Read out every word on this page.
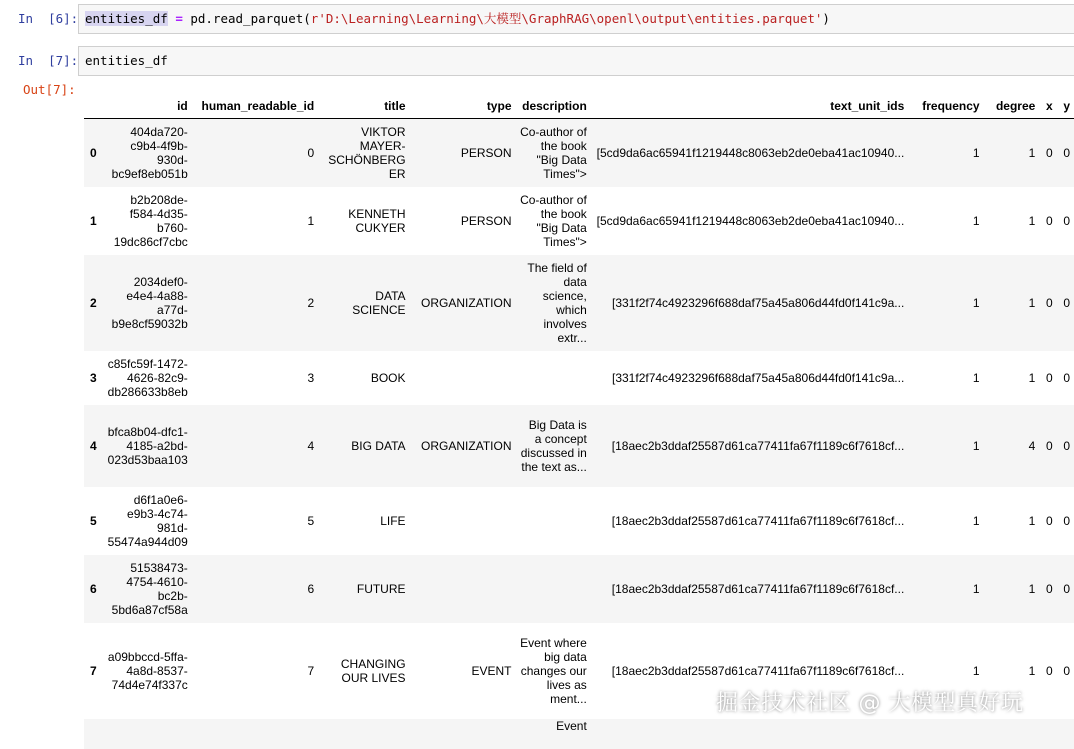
In  [6]: entities_df = pd.read_parquet(r'D:\Learning\Learning\大模型\GraphRAG\openl\output\entities.parquet')
In  [7]: entities_df
Out[7]:
	id	human_readable_id	title	type	description	text_unit_ids	frequency	degree	x	y
0	404da720-c9b4-4f9b-930d-bc9ef8eb051b	0	VIKTOR MAYER-SCHÖNBERGER	PERSON	Co-author of the book "Big Data Times">	[5cd9da6ac65941f1219448c8063eb2de0eba41ac10940...	1	1	0	0
1	b2b208de-f584-4d35-b760-19dc86cf7cbc	1	KENNETH CUKYER	PERSON	Co-author of the book "Big Data Times">	[5cd9da6ac65941f1219448c8063eb2de0eba41ac10940...	1	1	0	0
2	2034def0-e4e4-4a88-a77d-b9e8cf59032b	2	DATA SCIENCE	ORGANIZATION	The field of data science, which involves extr...	[331f2f74c4923296f688daf75a45a806d44fd0f141c9a...	1	1	0	0
3	c85fc59f-1472-4626-82c9-db286633b8eb	3	BOOK			[331f2f74c4923296f688daf75a45a806d44fd0f141c9a...	1	1	0	0
4	bfca8b04-dfc1-4185-a2bd-023d53baa103	4	BIG DATA	ORGANIZATION	Big Data is a concept discussed in the text as...	[18aec2b3ddaf25587d61ca77411fa67f1189c6f7618cf...	1	4	0	0
5	d6f1a0e6-e9b3-4c74-981d-55474a944d09	5	LIFE			[18aec2b3ddaf25587d61ca77411fa67f1189c6f7618cf...	1	1	0	0
6	51538473-4754-4610-bc2b-5bd6a87cf58a	6	FUTURE			[18aec2b3ddaf25587d61ca77411fa67f1189c6f7618cf...	1	1	0	0
7	a09bbccd-5ffa-4a8d-8537-74d4e74f337c	7	CHANGING OUR LIVES	EVENT	Event where big data changes our lives as ment...	[18aec2b3ddaf25587d61ca77411fa67f1189c6f7618cf...	1	1	0	0
					Event					
掘金技术社区 @ 大模型真好玩
